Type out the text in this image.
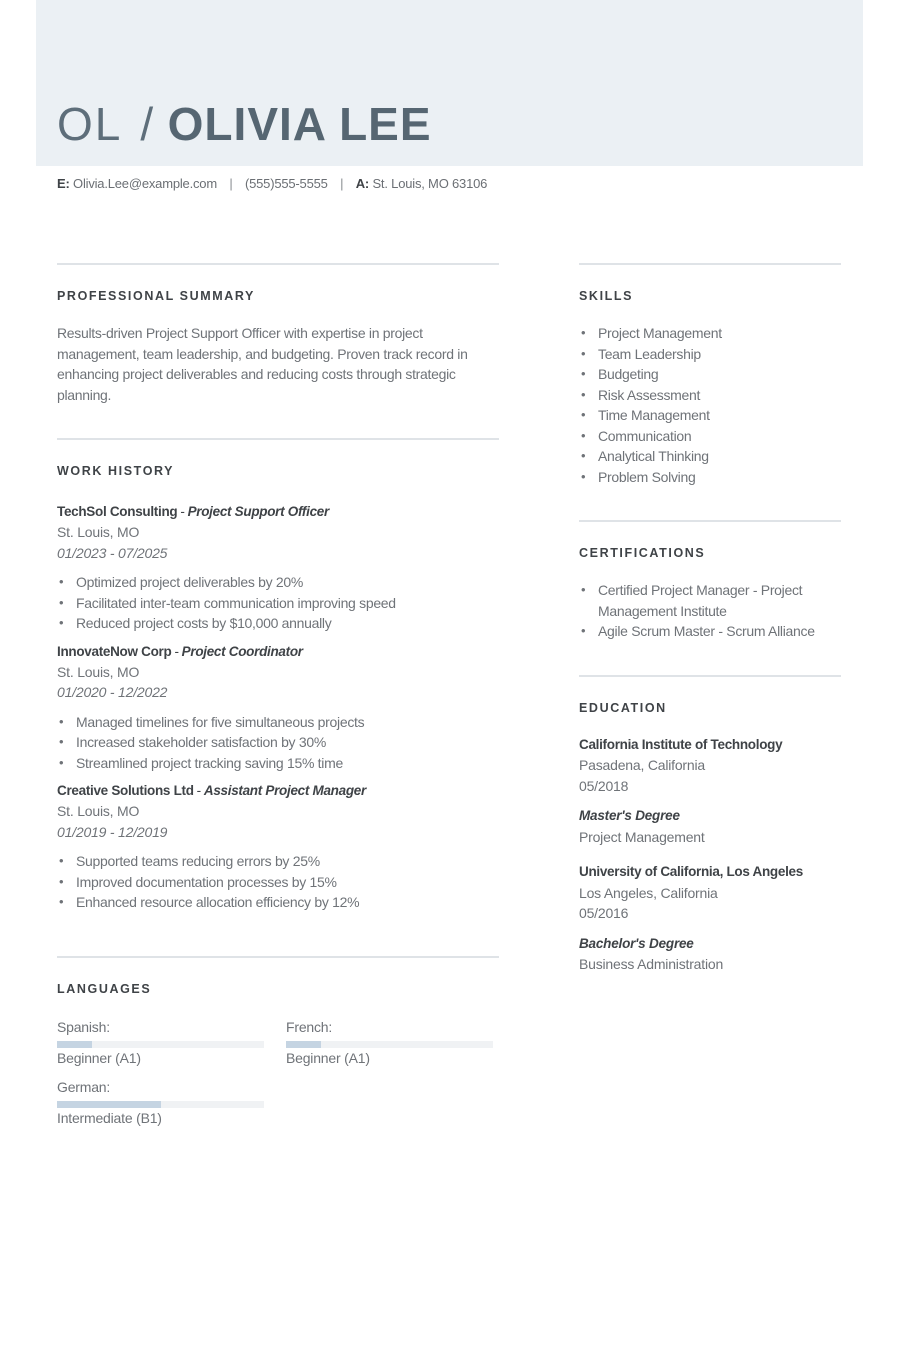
OL / OLIVIA LEE
E: Olivia.Lee@example.com | (555)555-5555 | A: St. Louis, MO 63106
PROFESSIONAL SUMMARY

Results-driven Project Support Officer with expertise in project management, team leadership, and budgeting. Proven track record in enhancing project deliverables and reducing costs through strategic planning.

WORK HISTORY
TechSol Consulting - Project Support Officer
St. Louis, MO
01/2023 - 07/2025
• Optimized project deliverables by 20%
• Facilitated inter-team communication improving speed
• Reduced project costs by $10,000 annually
InnovateNow Corp - Project Coordinator
St. Louis, MO
01/2020 - 12/2022
• Managed timelines for five simultaneous projects
• Increased stakeholder satisfaction by 30%
• Streamlined project tracking saving 15% time
Creative Solutions Ltd - Assistant Project Manager
St. Louis, MO
01/2019 - 12/2019
• Supported teams reducing errors by 25%
• Improved documentation processes by 15%
• Enhanced resource allocation efficiency by 12%
LANGUAGES
Spanish:
Beginner (A1)
French:
Beginner (A1)
German:
Intermediate (B1)
SKILLS
• Project Management
• Team Leadership
• Budgeting
• Risk Assessment
• Time Management
• Communication
• Analytical Thinking
• Problem Solving
CERTIFICATIONS
• Certified Project Manager - Project Management Institute
• Agile Scrum Master - Scrum Alliance
EDUCATION
California Institute of Technology
Pasadena, California
05/2018
Master's Degree
Project Management
University of California, Los Angeles
Los Angeles, California
05/2016
Bachelor's Degree
Business Administration
